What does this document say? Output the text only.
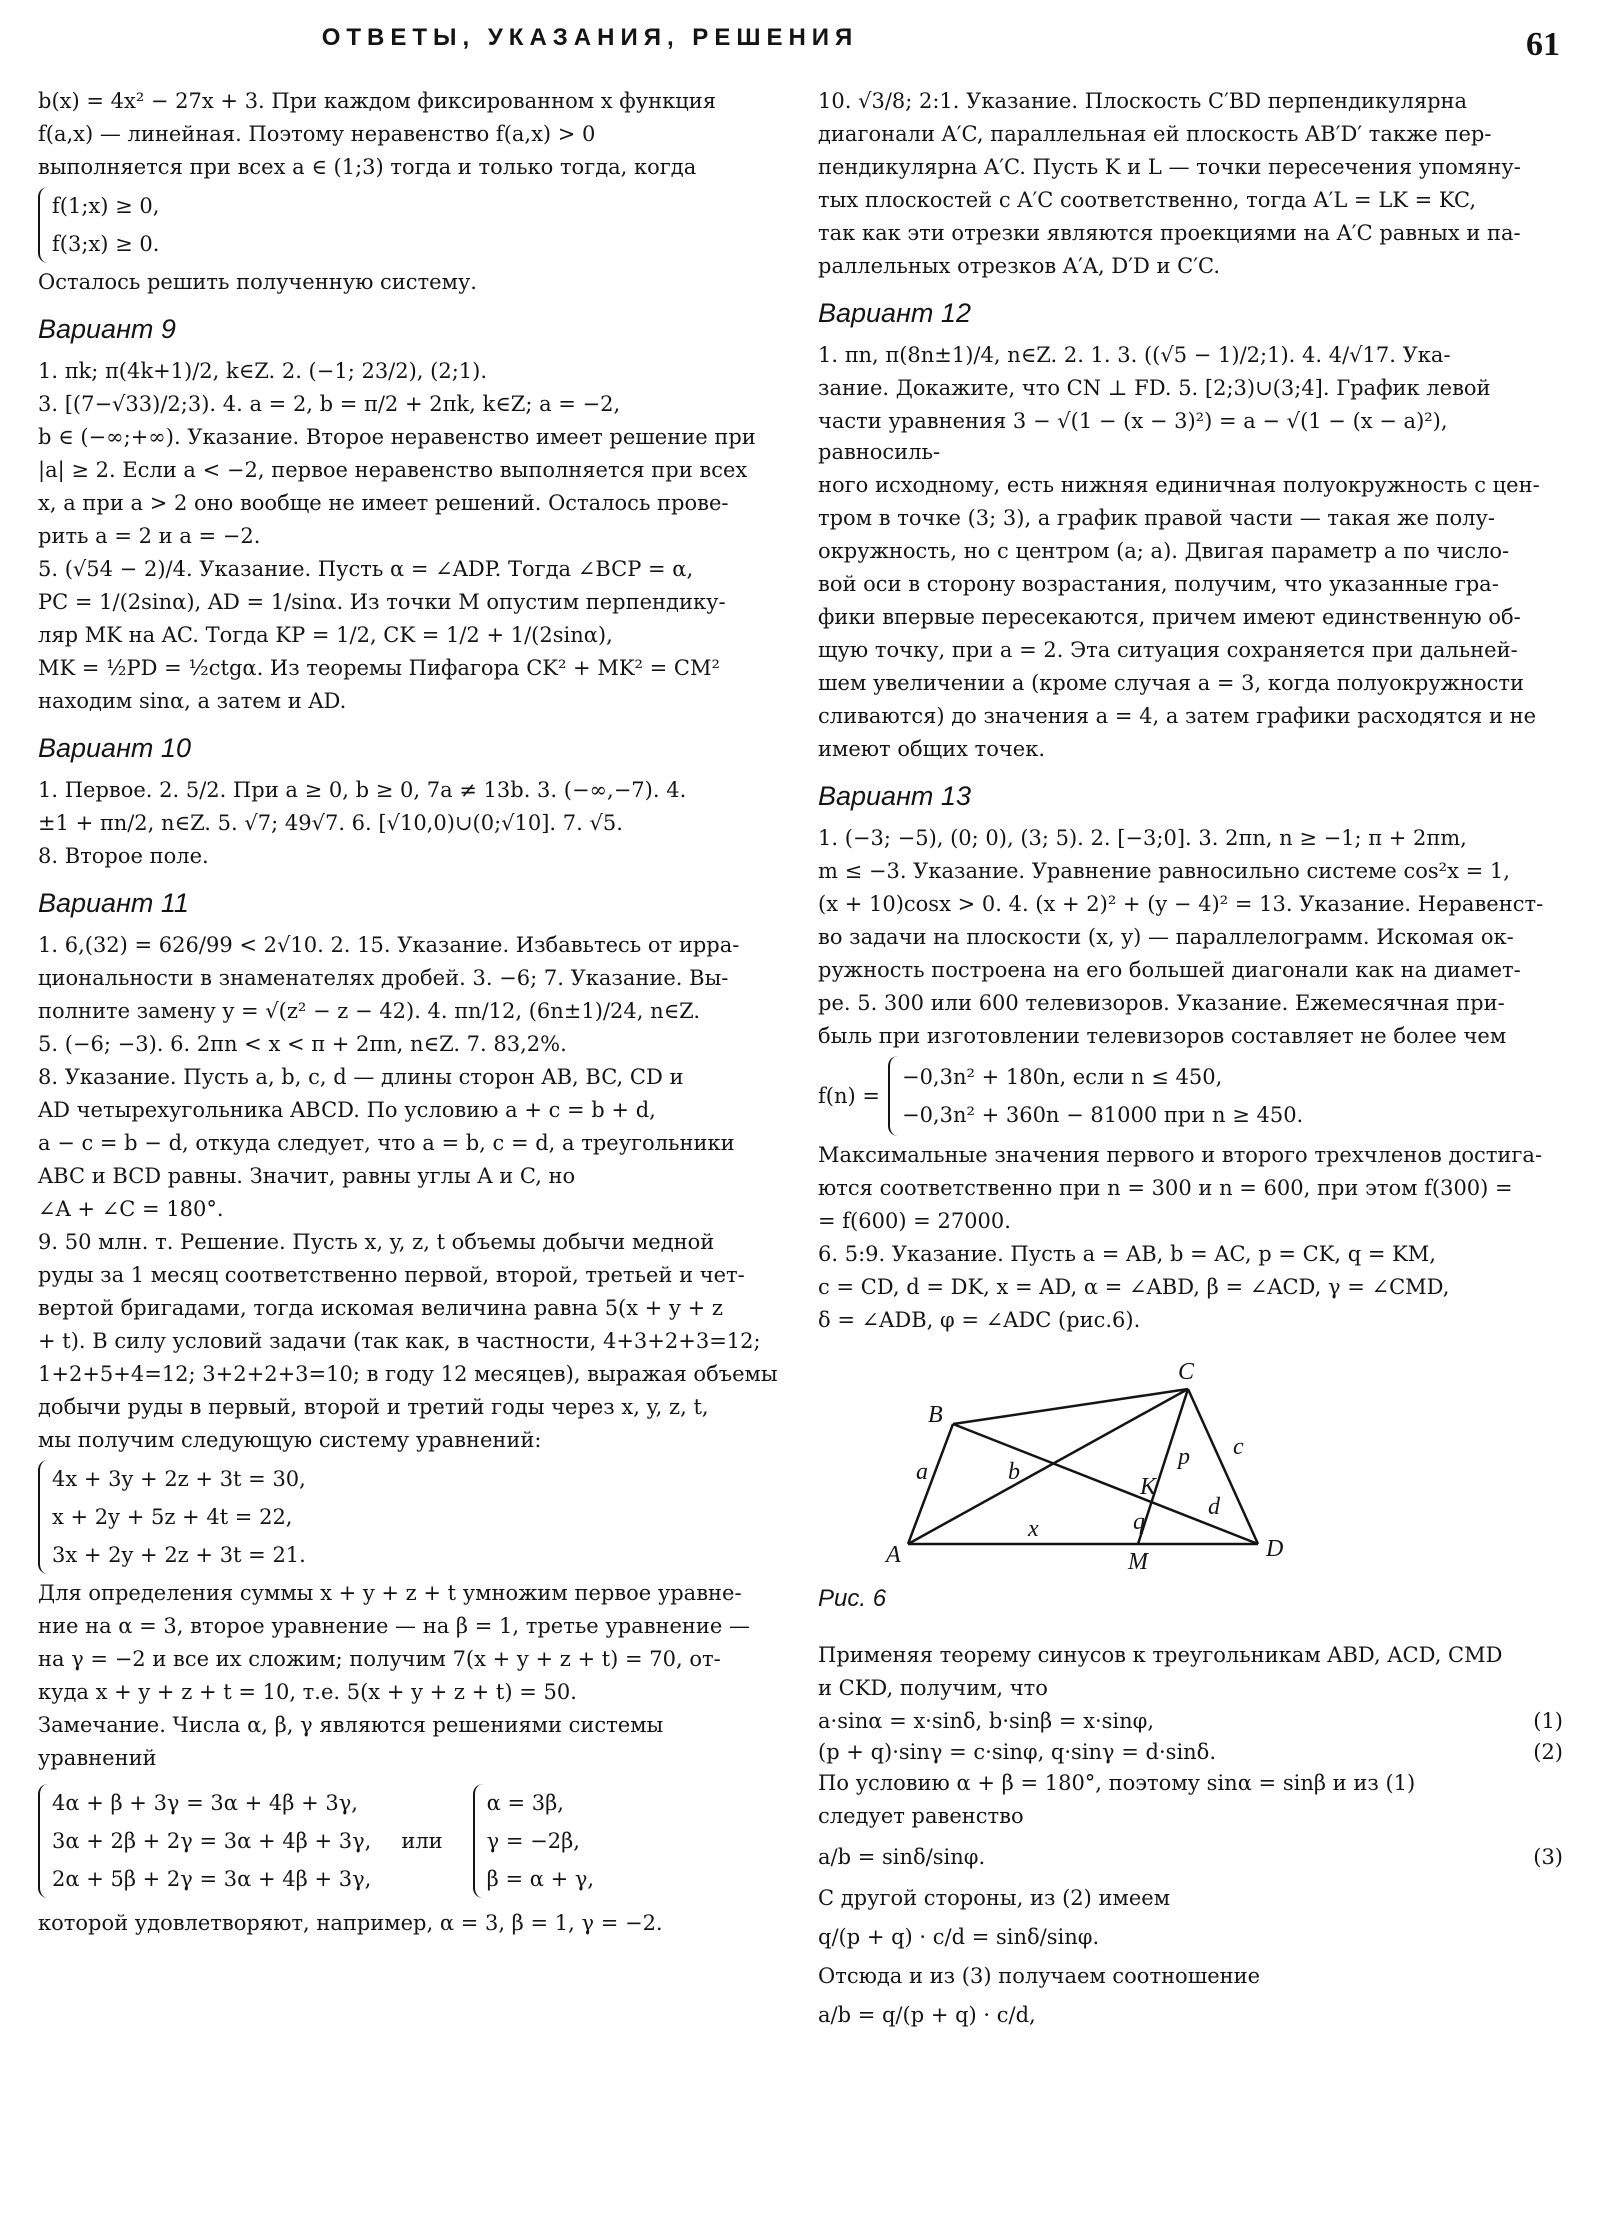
ОТВЕТЫ, УКАЗАНИЯ, РЕШЕНИЯ	61

b(x) = 4x² − 27x + 3. При каждом фиксированном x функция

f(a,x) — линейная. Поэтому неравенство f(a,x) > 0

выполняется при всех a ∈ (1;3) тогда и только тогда, когда

f(1;x) ≥ 0,
f(3;x) ≥ 0.

Осталось решить полученную систему.

Вариант 9

1. πk; π(4k+1)/2, k∈Z. 2. (−1; 23/2), (2;1).

3. [(7−√33)/2;3). 4. a = 2, b = π/2 + 2πk, k∈Z; a = −2,

b ∈ (−∞;+∞). Указание. Второе неравенство имеет решение при

|a| ≥ 2. Если a < −2, первое неравенство выполняется при всех

x, а при a > 2 оно вообще не имеет решений. Осталось прове-

рить a = 2 и a = −2.

5. (√54 − 2)/4. Указание. Пусть α = ∠ADP. Тогда ∠BCP = α,

PC = 1/(2sinα), AD = 1/sinα. Из точки M опустим перпендику-

ляр MK на AC. Тогда KP = 1/2, CK = 1/2 + 1/(2sinα),

MK = ½PD = ½ctgα. Из теоремы Пифагора CK² + MK² = CM²

находим sinα, а затем и AD.

Вариант 10

1. Первое. 2. 5/2. При a ≥ 0, b ≥ 0, 7a ≠ 13b. 3. (−∞,−7). 4.

±1 + πn/2, n∈Z. 5. √7; 49√7. 6. [√10,0)∪(0;√10]. 7. √5.

8. Второе поле.

Вариант 11

1. 6,(32) = 626/99 < 2√10. 2. 15. Указание. Избавьтесь от ирра-

циональности в знаменателях дробей. 3. −6; 7. Указание. Вы-

полните замену y = √(z² − z − 42). 4. πn/12, (6n±1)/24, n∈Z.

5. (−6; −3). 6. 2πn < x < π + 2πn, n∈Z. 7. 83,2%.

8. Указание. Пусть a, b, c, d — длины сторон AB, BC, CD и

AD четырехугольника ABCD. По условию a + c = b + d,

a − c = b − d, откуда следует, что a = b, c = d, а треугольники

ABC и BCD равны. Значит, равны углы A и C, но

∠A + ∠C = 180°.

9. 50 млн. т. Решение. Пусть x, y, z, t объемы добычи медной

руды за 1 месяц соответственно первой, второй, третьей и чет-

вертой бригадами, тогда искомая величина равна 5(x + y + z

+ t). В силу условий задачи (так как, в частности, 4+3+2+3=12;

1+2+5+4=12; 3+2+2+3=10; в году 12 месяцев), выражая объемы

добычи руды в первый, второй и третий годы через x, y, z, t,

мы получим следующую систему уравнений:

4x + 3y + 2z + 3t = 30,
x + 2y + 5z + 4t = 22,
3x + 2y + 2z + 3t = 21.

Для определения суммы x + y + z + t умножим первое уравне-

ние на α = 3, второе уравнение — на β = 1, третье уравнение —

на γ = −2 и все их сложим; получим 7(x + y + z + t) = 70, от-

куда x + y + z + t = 10, т.е. 5(x + y + z + t) = 50.

Замечание. Числа α, β, γ являются решениями системы

уравнений

4α + β + 3γ = 3α + 4β + 3γ,
3α + 2β + 2γ = 3α + 4β + 3γ,
2α + 5β + 2γ = 3α + 4β + 3γ,
или
α = 3β,
γ = −2β,
β = α + γ,

которой удовлетворяют, например, α = 3, β = 1, γ = −2.

10. √3/8; 2:1. Указание. Плоскость C′BD перпендикулярна

диагонали A′C, параллельная ей плоскость AB′D′ также пер-

пендикулярна A′C. Пусть K и L — точки пересечения упомяну-

тых плоскостей с A′C соответственно, тогда A′L = LK = KC,

так как эти отрезки являются проекциями на A′C равных и па-

раллельных отрезков A′A, D′D и C′C.

Вариант 12

1. πn, π(8n±1)/4, n∈Z. 2. 1. 3. ((√5 − 1)/2;1). 4. 4/√17. Ука-

зание. Докажите, что CN ⊥ FD. 5. [2;3)∪(3;4]. График левой

части уравнения 3 − √(1 − (x − 3)²) = a − √(1 − (x − a)²), равносиль-

ного исходному, есть нижняя единичная полуокружность с цен-

тром в точке (3; 3), а график правой части — такая же полу-

окружность, но с центром (a; a). Двигая параметр a по число-

вой оси в сторону возрастания, получим, что указанные гра-

фики впервые пересекаются, причем имеют единственную об-

щую точку, при a = 2. Эта ситуация сохраняется при дальней-

шем увеличении a (кроме случая a = 3, когда полуокружности

сливаются) до значения a = 4, а затем графики расходятся и не

имеют общих точек.

Вариант 13

1. (−3; −5), (0; 0), (3; 5). 2. [−3;0]. 3. 2πn, n ≥ −1; π + 2πm,

m ≤ −3. Указание. Уравнение равносильно системе cos²x = 1,

(x + 10)cosx > 0. 4. (x + 2)² + (y − 4)² = 13. Указание. Неравенст-

во задачи на плоскости (x, y) — параллелограмм. Искомая ок-

ружность построена на его большей диагонали как на диамет-

ре. 5. 300 или 600 телевизоров. Указание. Ежемесячная при-

быль при изготовлении телевизоров составляет не более чем

f(n) =
−0,3n² + 180n, если n ≤ 450,
−0,3n² + 360n − 81000 при n ≥ 450.

Максимальные значения первого и второго трехчленов достига-

ются соответственно при n = 300 и n = 600, при этом f(300) =

= f(600) = 27000.

6. 5:9. Указание. Пусть a = AB, b = AC, p = CK, q = KM,

c = CD, d = DK, x = AD, α = ∠ABD, β = ∠ACD, γ = ∠CMD,

δ = ∠ADB, φ = ∠ADC (рис.6).

A
B
C
D
K
M
a	b
c
d
p
q
x
Рис. 6

Применяя теорему синусов к треугольникам ABD, ACD, CMD

и CKD, получим, что

a·sinα = x·sinδ, b·sinβ = x·sinφ,	(1)
(p + q)·sinγ = c·sinφ, q·sinγ = d·sinδ.	(2)

По условию α + β = 180°, поэтому sinα = sinβ и из (1)

следует равенство

a/b = sinδ/sinφ.	(3)

С другой стороны, из (2) имеем

q/(p + q) · c/d = sinδ/sinφ.

Отсюда и из (3) получаем соотношение

a/b = q/(p + q) · c/d,
